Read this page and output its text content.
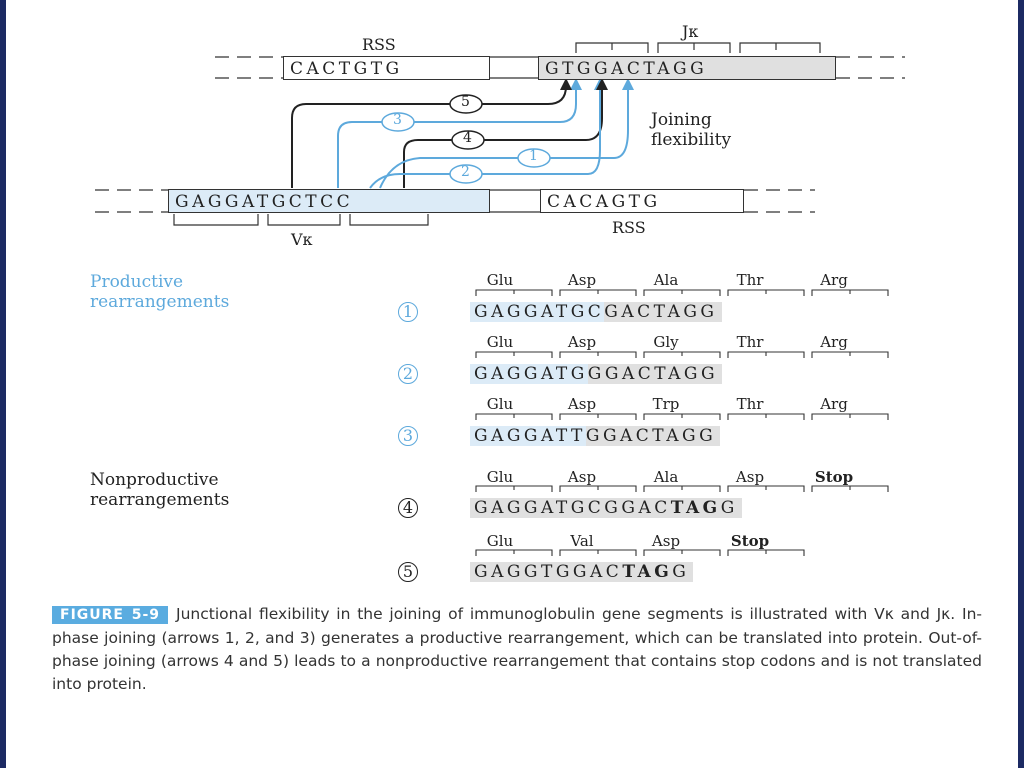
5
3
4
2
1
RSS
CACTGTG
Jκ
GTGGACTAGG
Joining
flexibility
GAGGATGCTCC	CACAGTG
Vκ
RSS
Productive
rearrangements
Nonproductive
rearrangements
1
Glu	Asp	Ala	Thr	Arg
GAGGATGCGACTAGG
2
Glu	Asp	Gly	Thr	Arg
GAGGATGGGACTAGG
3
Glu	Asp	Trp	Thr	Arg
GAGGATTGGACTAGG
4
Glu	Asp	Ala	Asp	Stop
GAGGATGCGGACTAGG
5
Glu	Val	Asp	Stop
GAGGTGGACTAGG
FIGURE 5-9 Junctional flexibility in the joining of immunoglobulin gene segments is illustrated with Vκ and Jκ. In-phase joining (arrows 1, 2, and 3) generates a productive rearrangement, which can be translated into protein. Out-of-phase joining (arrows 4 and 5) leads to a nonproductive rearrangement that contains stop codons and is not translated into protein.
